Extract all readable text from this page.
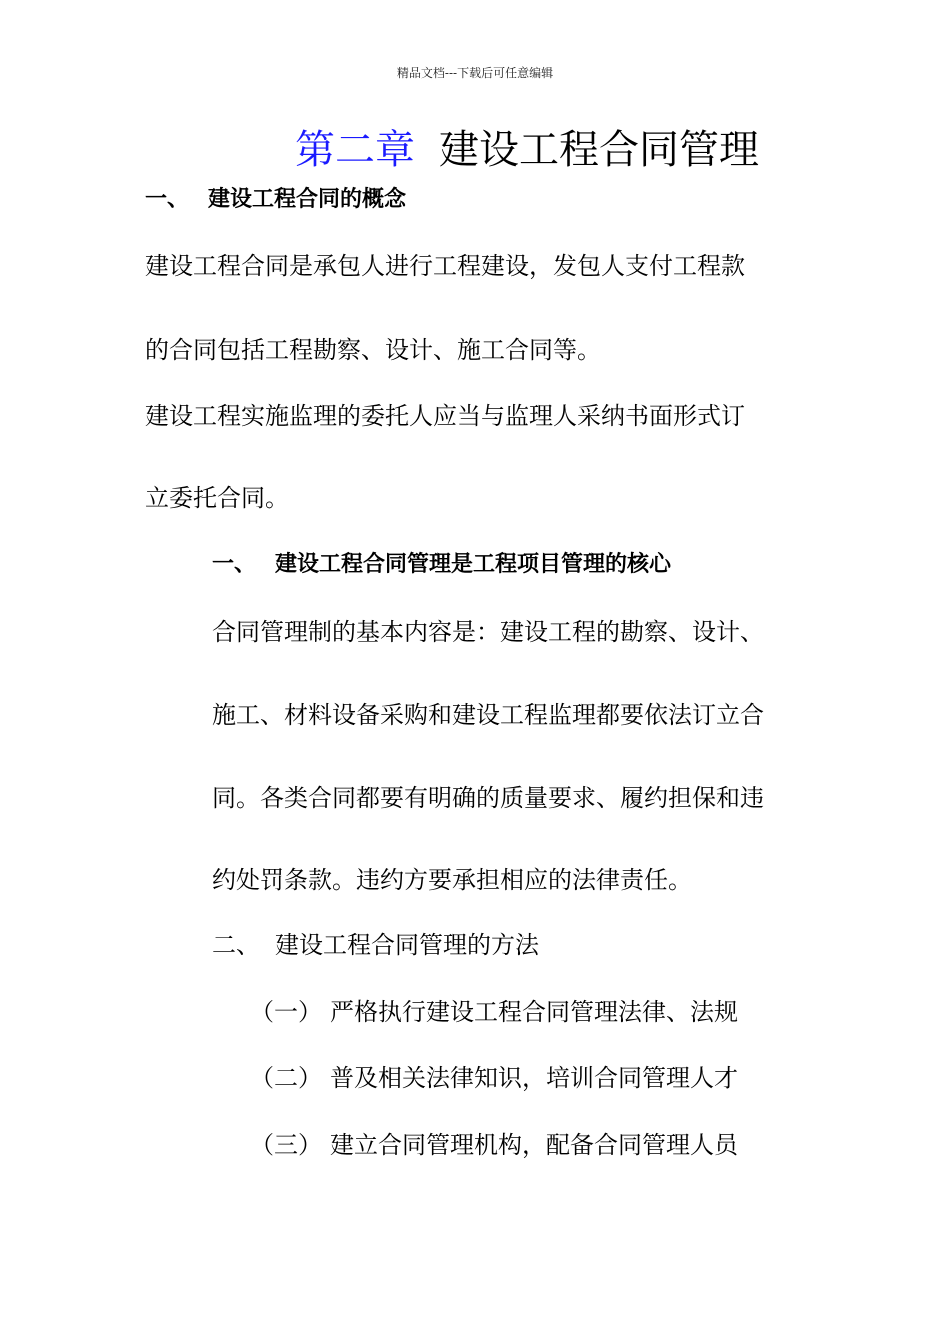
精品文档---下载后可任意编辑
第二章 建设工程合同管理
一、 建设工程合同的概念
建设工程合同是承包人进行工程建设，发包人支付工程款
的合同包括工程勘察、设计、施工合同等。
建设工程实施监理的委托人应当与监理人采纳书面形式订
立委托合同。
一、 建设工程合同管理是工程项目管理的核心
合同管理制的基本内容是：建设工程的勘察、设计、
施工、材料设备采购和建设工程监理都要依法订立合
同。各类合同都要有明确的质量要求、履约担保和违
约处罚条款。违约方要承担相应的法律责任。
二、 建设工程合同管理的方法
（一） 严格执行建设工程合同管理法律、法规
（二） 普及相关法律知识，培训合同管理人才
（三） 建立合同管理机构，配备合同管理人员
